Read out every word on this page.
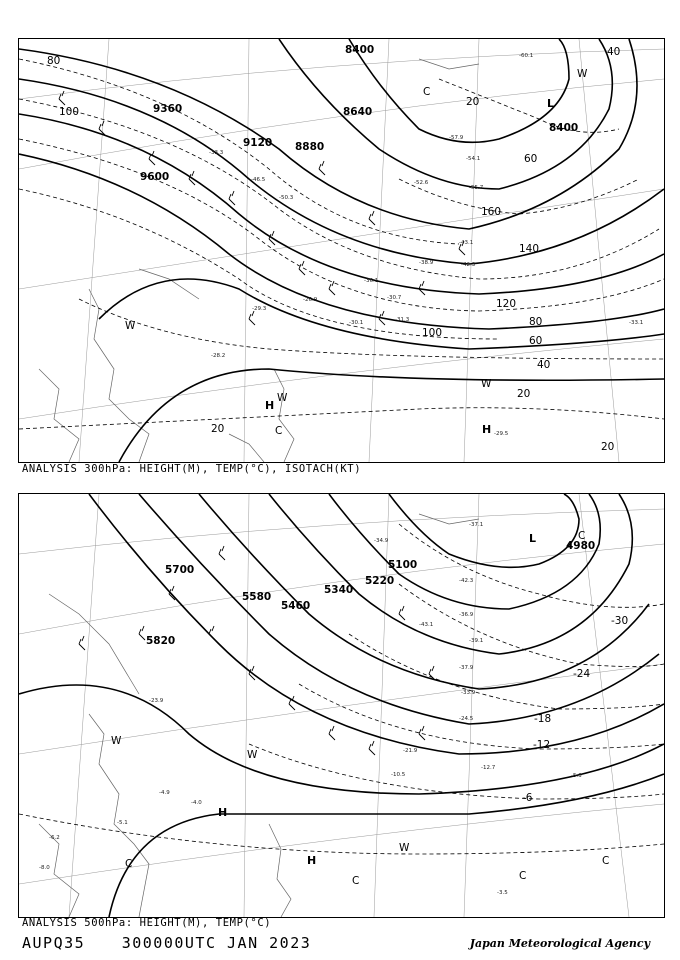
8400
8640
8880
9120
9360
9600
8400
80
100
20
60
40
160
140
120
80
100
60
40
20
20
20
L
H
H
C
W
W
C
W
W
-29.5
-57.9
-55.7
-54.1
-43.1
-42.3
-38.9
-36.1
-33.1
-31.3
-30.7
-28.2
-30.1
-29.3
-26.9
-33.3
-46.5
-50.3
-52.6
-60.1
ANALYSIS 300hPa: HEIGHT(M), TEMP(°C), ISOTACH(KT)
5700
5580
5460
5340
5220
5100
5820
4980
-30
-24
-18
-12
-6
L
H
H
W
W
C
C
W
C
C
C
-37.1
-36.9
-39.1
-37.9
-33.9
-24.5
-21.9
-10.5
-12.7
-5.3
-3.5
-4.9
-4.0
-5.1
-6.2
-8.0
-34.9
-42.3
-43.1
-23.9
ANALYSIS 500hPa: HEIGHT(M), TEMP(°C)
AUPQ35 300000UTC JAN 2023	Japan Meteorological Agency
